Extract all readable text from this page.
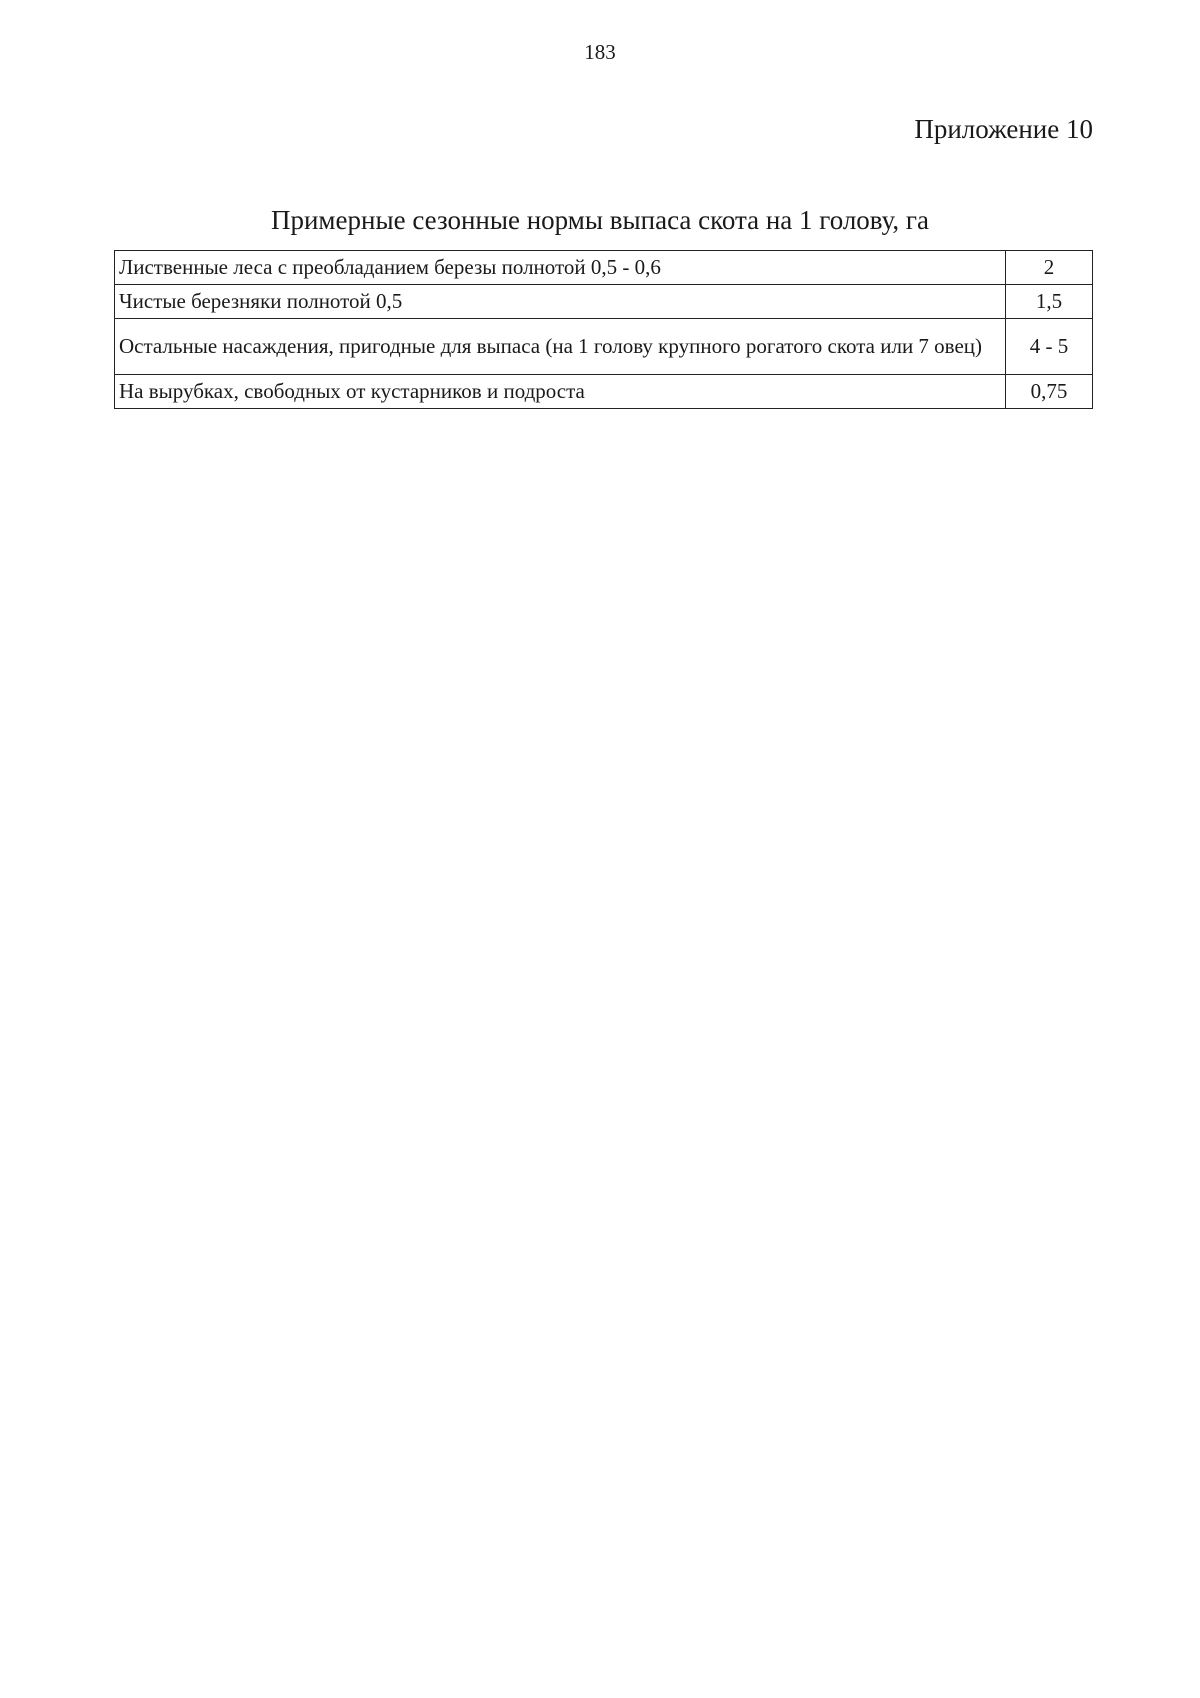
183
Приложение 10
Примерные сезонные нормы выпаса скота на 1 голову, га
Лиственные леса с преобладанием березы полнотой 0,5 - 0,6	2
Чистые березняки полнотой 0,5	1,5
Остальные насаждения, пригодные для выпаса (на 1 голову крупного рогатого скота или 7 овец)	4 - 5
На вырубках, свободных от кустарников и подроста	0,75
